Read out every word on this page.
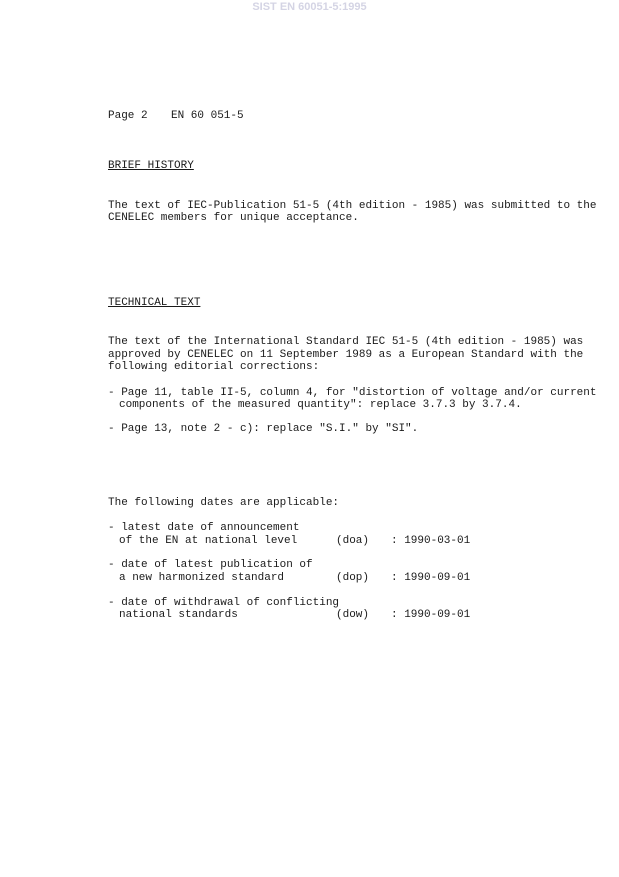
SIST EN 60051-5:1995
Page 2 EN 60 051-5
BRIEF HISTORY
The text of IEC-Publication 51-5 (4th edition - 1985) was submitted to the
CENELEC members for unique acceptance.
TECHNICAL TEXT
The text of the International Standard IEC 51-5 (4th edition - 1985) was
approved by CENELEC on 11 September 1989 as a European Standard with the
following editorial corrections:
- Page 11, table II-5, column 4, for "distortion of voltage and/or current
components of the measured quantity": replace 3.7.3 by 3.7.4.
- Page 13, note 2 - c): replace "S.I." by "SI".
The following dates are applicable:
- latest date of announcement
of the EN at national level	(doa) : 1990-03-01
- date of latest publication of
a new harmonized standard	(dop) : 1990-09-01
- date of withdrawal of conflicting
national standards	(dow) : 1990-09-01
